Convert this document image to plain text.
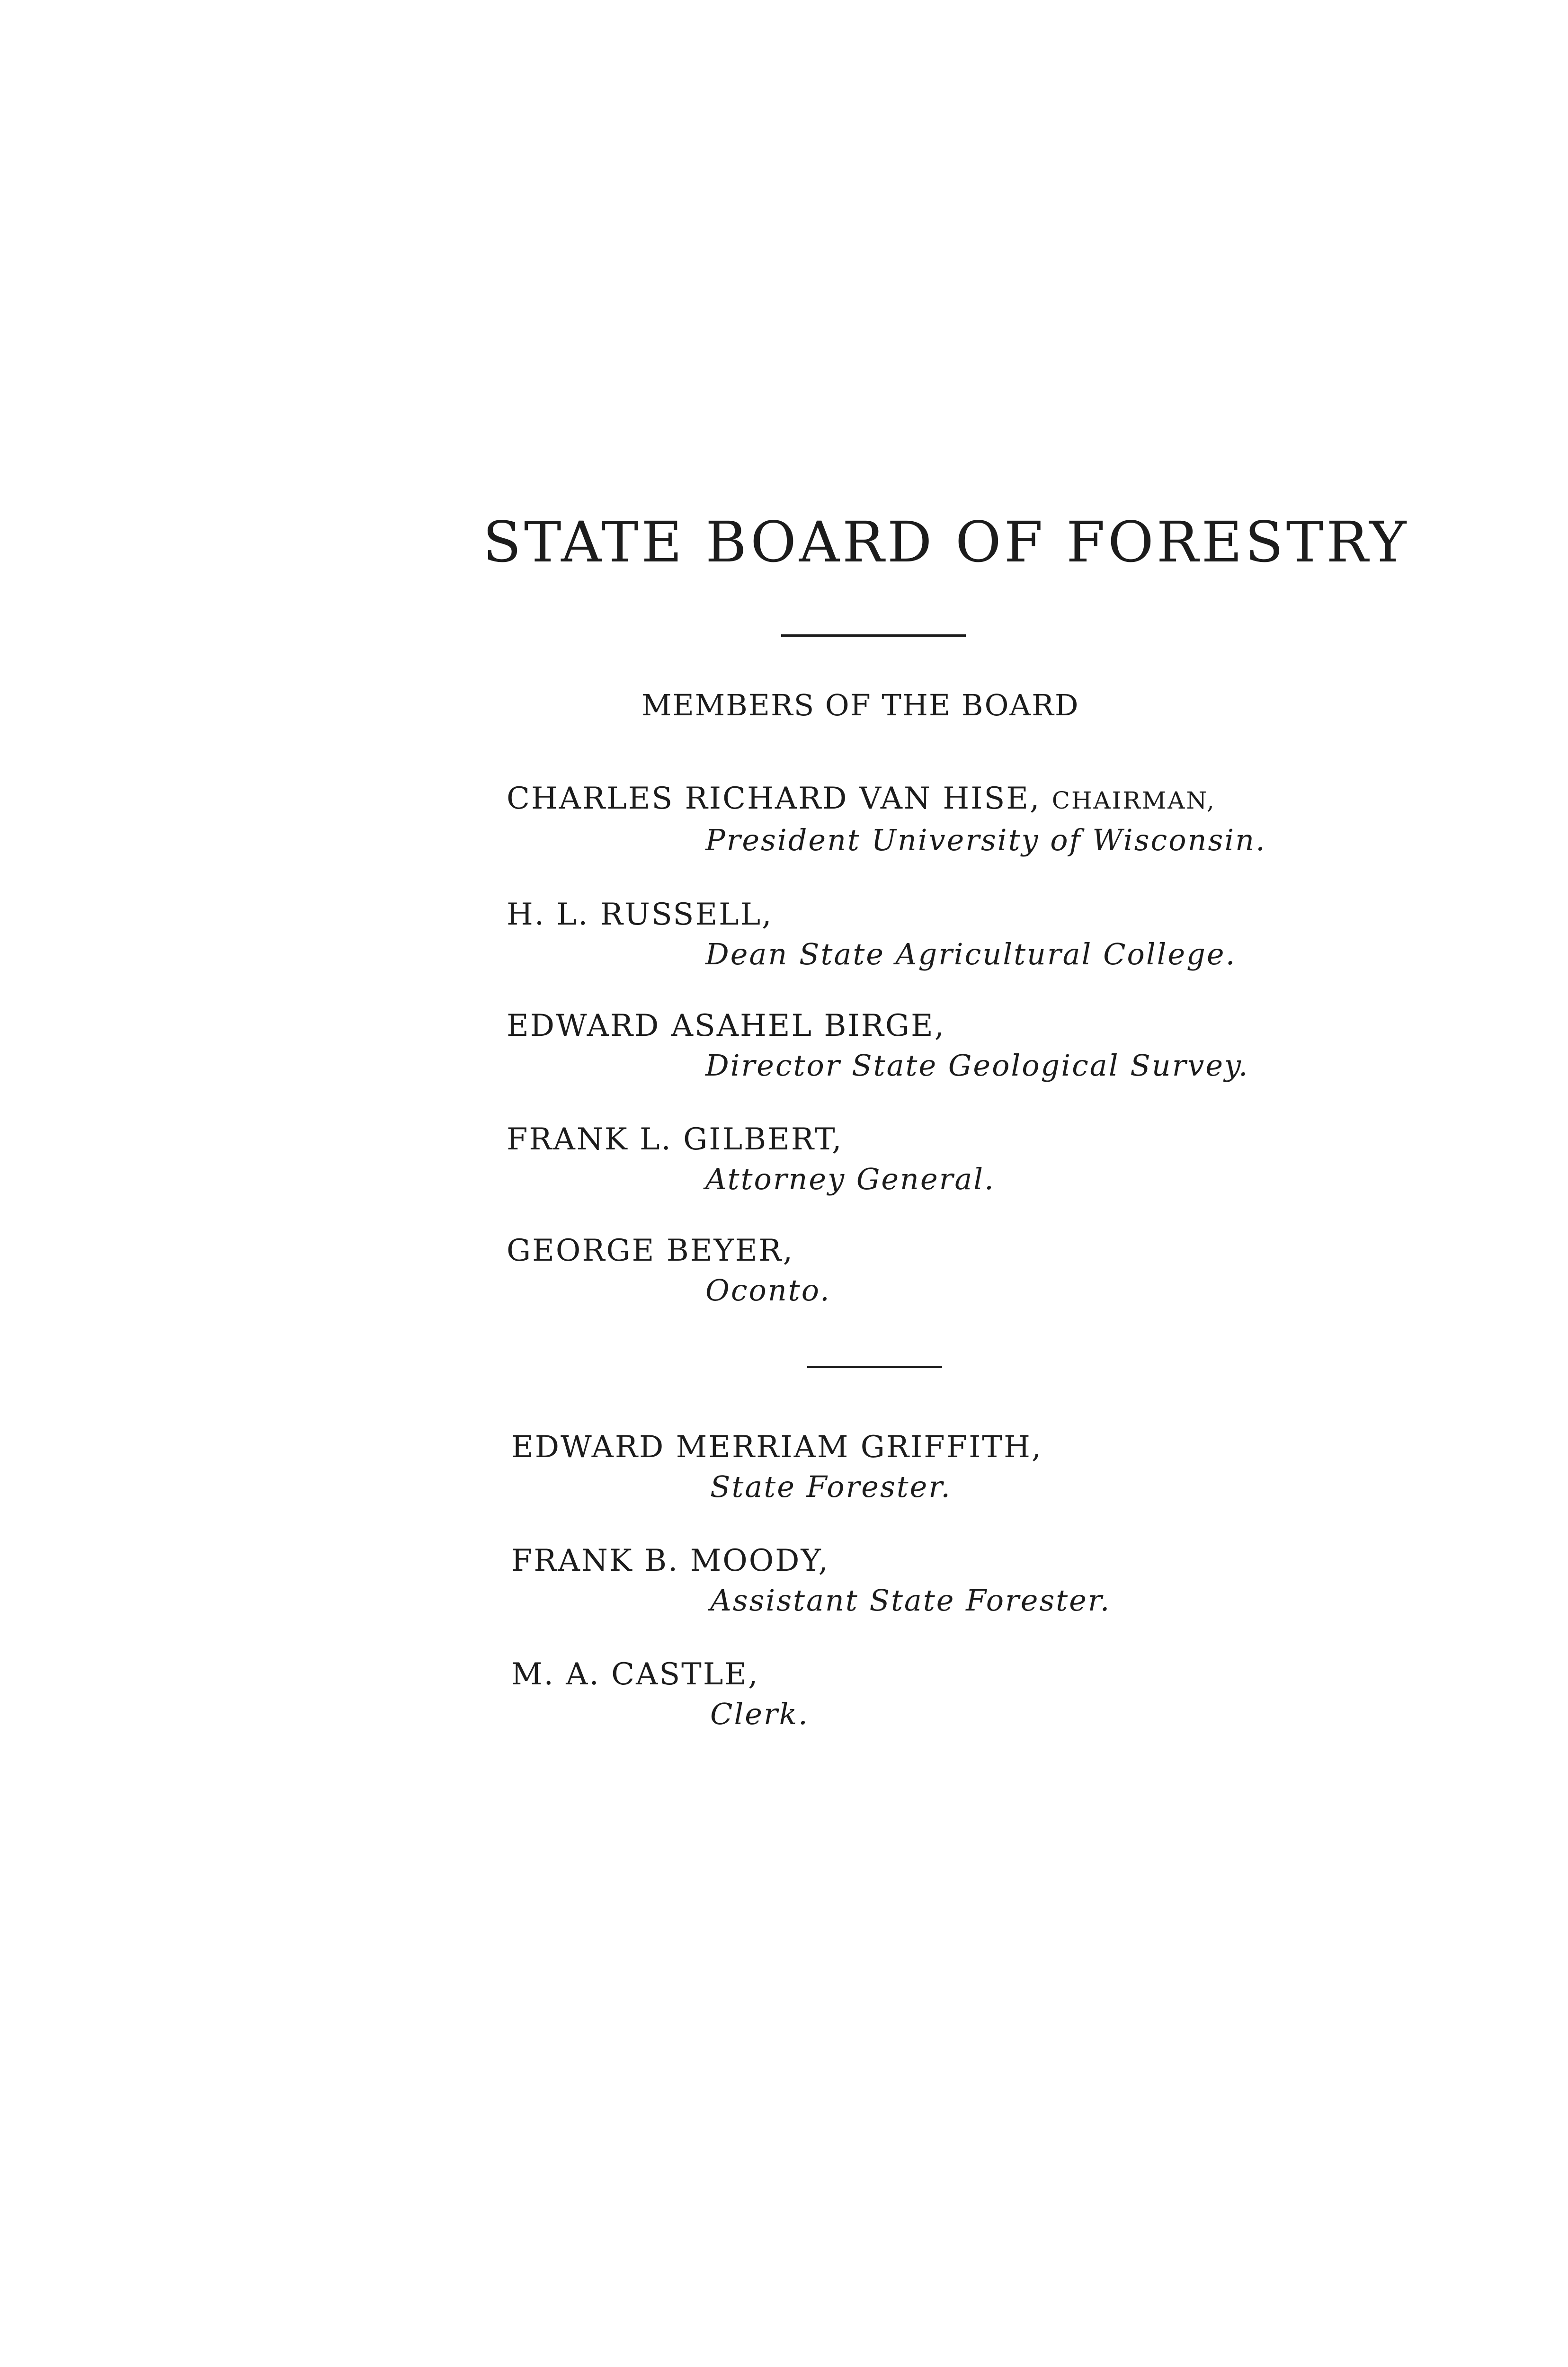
STATE BOARD OF FORESTRY
MEMBERS OF THE BOARD
CHARLES RICHARD VAN HISE, CHAIRMAN,
President University of Wisconsin.
H. L. RUSSELL,
Dean State Agricultural College.
EDWARD ASAHEL BIRGE,
Director State Geological Survey.
FRANK L. GILBERT,
Attorney General.
GEORGE BEYER,
Oconto.
EDWARD MERRIAM GRIFFITH,
State Forester.
FRANK B. MOODY,
Assistant State Forester.
M. A. CASTLE,
Clerk.
